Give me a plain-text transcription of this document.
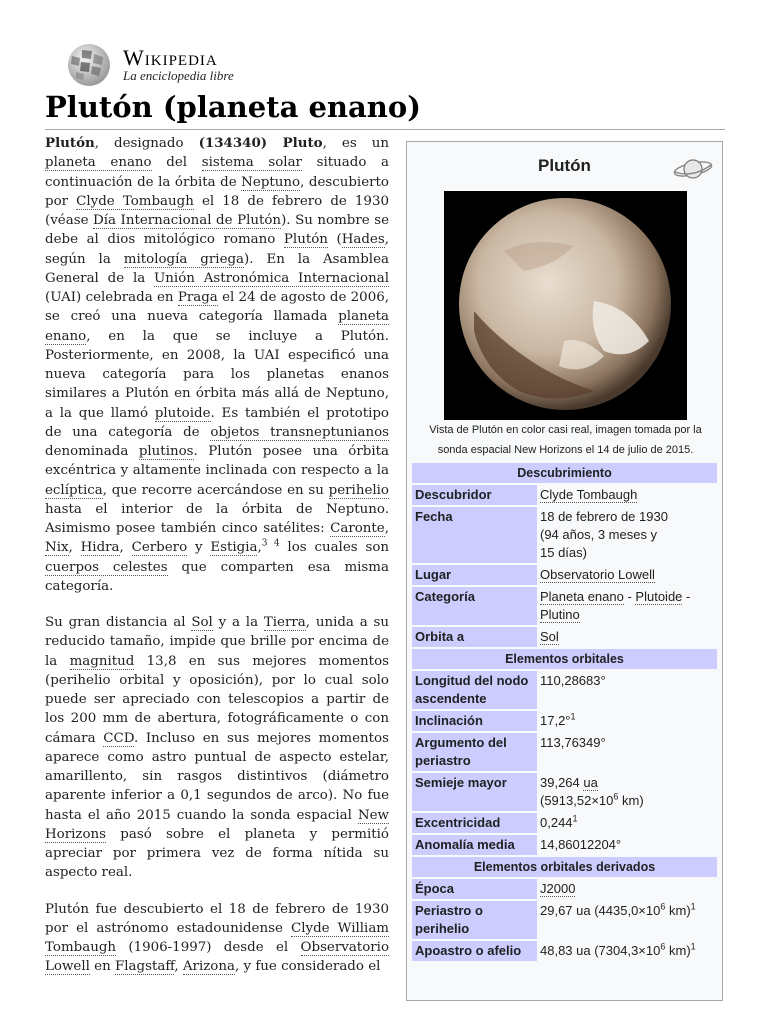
Wikipedia
La enciclopedia libre
Plutón (planeta enano)

Plutón, designado (134340) Pluto, es un planeta enano del sistema solar situado a continuación de la órbita de Neptuno, descubierto por Clyde Tombaugh el 18 de febrero de 1930 (véase Día Internacional de Plutón). Su nombre se debe al dios mitológico romano Plutón (Hades, según la mitología griega). En la Asamblea General de la Unión Astronómica Internacional (UAI) celebrada en Praga el 24 de agosto de 2006, se creó una nueva categoría llamada planeta enano, en la que se incluye a Plutón. Posteriormente, en 2008, la UAI especificó una nueva categoría para los planetas enanos similares a Plutón en órbita más allá de Neptuno, a la que llamó plutoide. Es también el prototipo de una categoría de objetos transneptunianos denominada plutinos. Plutón posee una órbita excéntrica y altamente inclinada con respecto a la eclíptica, que recorre acercándose en su perihelio hasta el interior de la órbita de Neptuno. Asimismo posee también cinco satélites: Caronte, Nix, Hidra, Cerbero y Estigia,$^{3 4}$ los cuales son cuerpos celestes que comparten esa misma categoría.

Su gran distancia al Sol y a la Tierra, unida a su reducido tamaño, impide que brille por encima de la magnitud 13,8 en sus mejores momentos (perihelio orbital y oposición), por lo cual solo puede ser apreciado con telescopios a partir de los 200 mm de abertura, fotográficamente o con cámara CCD. Incluso en sus mejores momentos aparece como astro puntual de aspecto estelar, amarillento, sin rasgos distintivos (diámetro aparente inferior a 0,1 segundos de arco). No fue hasta el año 2015 cuando la sonda espacial New Horizons pasó sobre el planeta y permitió apreciar por primera vez de forma nítida su aspecto real.

Plutón fue descubierto el 18 de febrero de 1930 por el astrónomo estadounidense Clyde William Tombaugh (1906-1997) desde el Observatorio Lowell en Flagstaff, Arizona, y fue considerado el

Plutón
Vista de Plutón en color casi real, imagen tomada por la sonda espacial New Horizons el 14 de julio de 2015.
Descubrimiento	
Descubridor	Clyde Tombaugh
Fecha	18 de febrero de 1930
(94 años, 3 meses y
15 días)
Lugar	Observatorio Lowell
Categoría	Planeta enano - Plutoide -
Plutino
Orbita a	Sol
Elementos orbitales	
Longitud del nodo ascendente	110,28683°
Inclinación	17,2°$^1$
Argumento del periastro	113,76349°
Semieje mayor	39,264 ua
($5913,52\times 10^6$ km)
Excentricidad	0,244$^1$
Anomalía media	14,86012204°
Elementos orbitales derivados	
Época	J2000
Periastro o perihelio	29,67 ua ($4435,0\times 10^6$ km)$^1$
Apoastro o afelio	48,83 ua ($7304,3\times 10^6$ km)$^1$
